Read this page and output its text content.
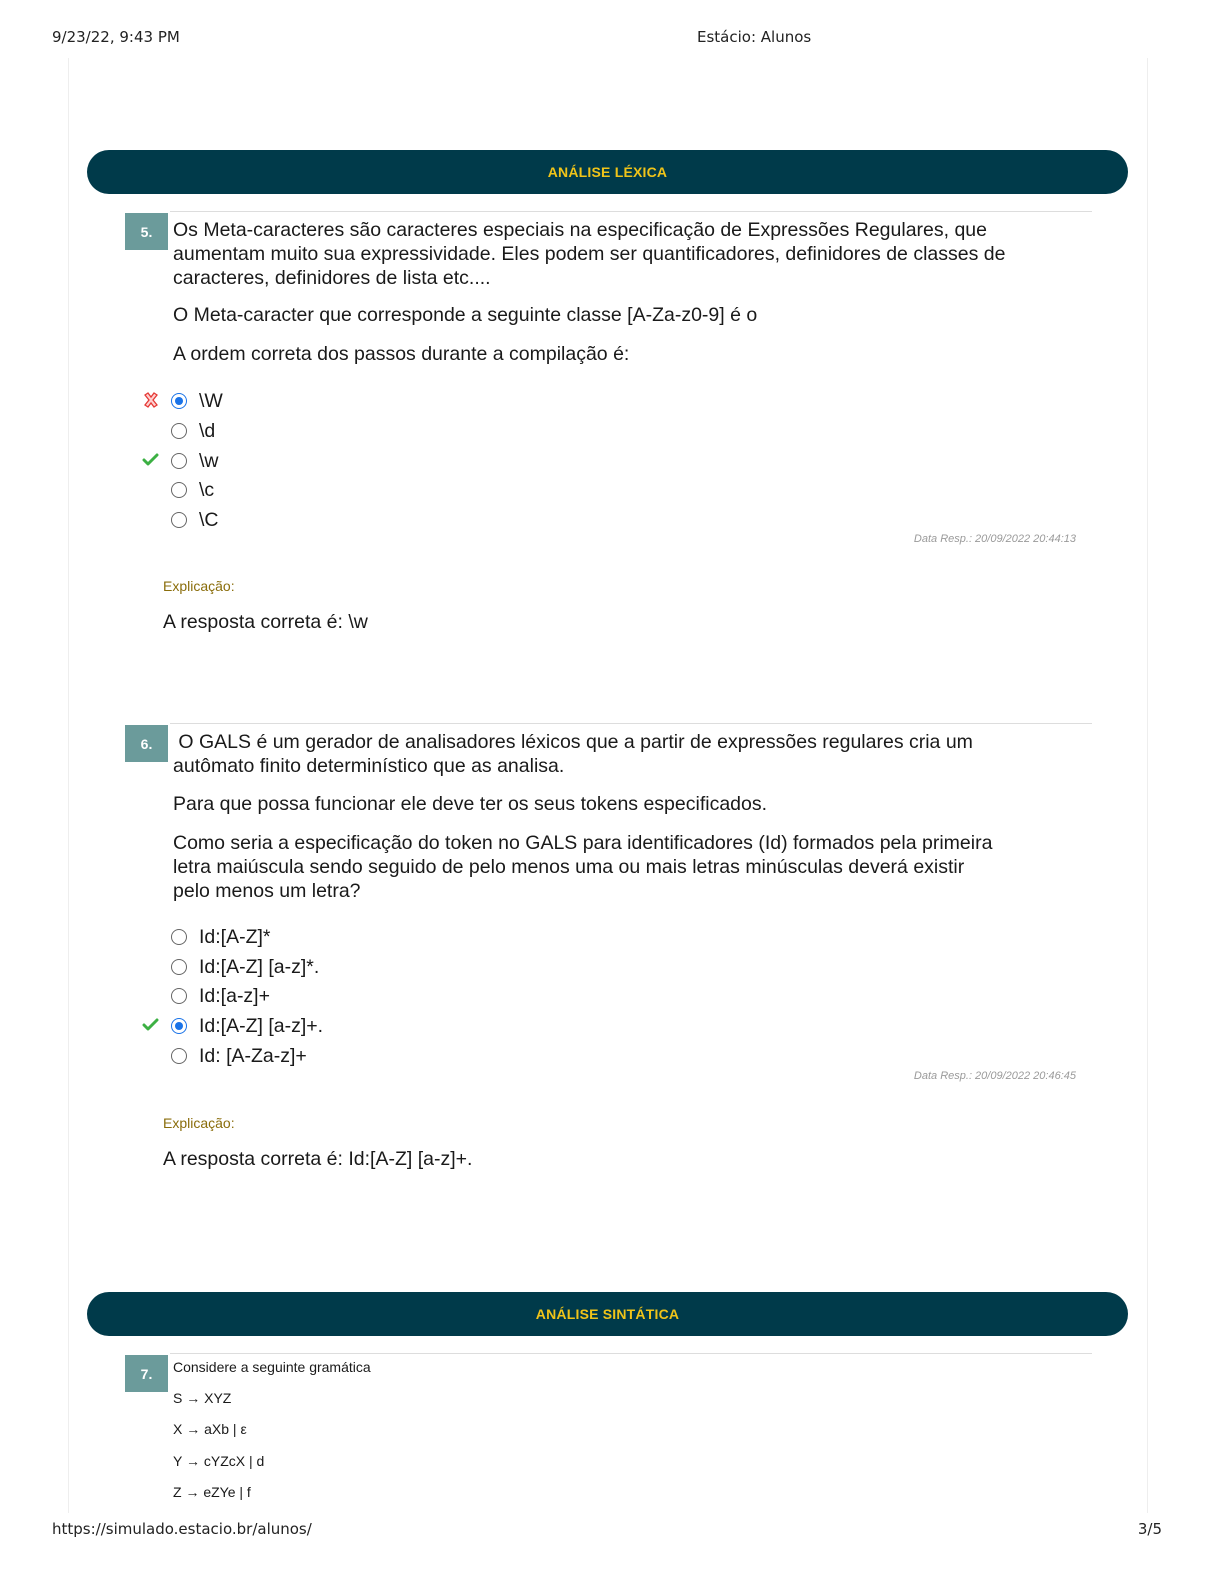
9/23/22, 9:43 PM	Estácio: Alunos
ANÁLISE LÉXICA
5.	Os Meta-caracteres são caracteres especiais na especificação de Expressões Regulares, que aumentam muito sua expressividade. Eles podem ser quantificadores, definidores de classes de caracteres, definidores de lista etc....

O Meta-caracter que corresponde a seguinte classe [A-Za-z0-9] é o

A ordem correta dos passos durante a compilação é:

\W
\d
\w
\c
\C
Data Resp.: 20/09/2022 20:44:13
Explicação:
A resposta correta é: \w
6.	O GALS é um gerador de analisadores léxicos que a partir de expressões regulares cria um autômato finito determinístico que as analisa.

Para que possa funcionar ele deve ter os seus tokens especificados.

Como seria a especificação do token no GALS para identificadores (Id) formados pela primeira letra maiúscula sendo seguido de pelo menos uma ou mais letras minúsculas deverá existir pelo menos um letra?

Id:[A-Z]*
Id:[A-Z] [a-z]*.
Id:[a-z]+
Id:[A-Z] [a-z]+.
Id: [A-Za-z]+
Data Resp.: 20/09/2022 20:46:45
Explicação:
A resposta correta é: Id:[A-Z] [a-z]+.
ANÁLISE SINTÁTICA
7.	Considere a seguinte gramática
S → XYZ
X → aXb | ε
Y → cYZcX | d
Z → eZYe | f
https://simulado.estacio.br/alunos/	3/5
